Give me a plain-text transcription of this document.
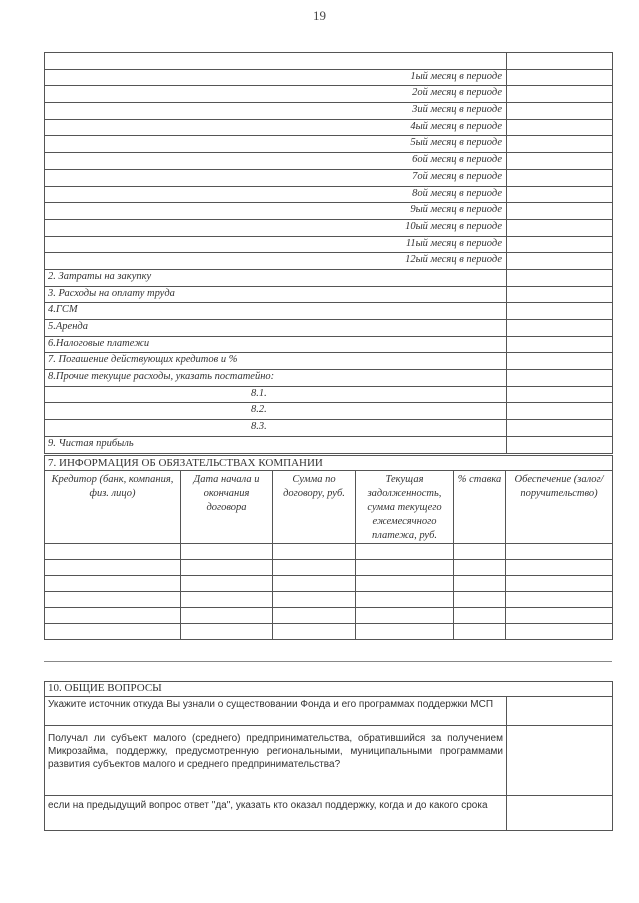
19

1ый месяц в периоде	
2ой месяц в периоде	
3ий месяц в периоде	
4ый месяц в периоде	
5ый месяц в периоде	
6ой месяц в периоде	
7ой месяц в периоде	
8ой месяц в периоде	
9ый месяц в периоде	
10ый месяц в периоде	
11ый месяц в периоде	
12ый месяц в периоде	
2. Затраты на закупку	
3. Расходы на оплату труда	
4.ГСМ	
5.Аренда	
6.Налоговые платежи	
7. Погашение действующих кредитов и %	
8.Прочие текущие расходы, указать постатейно:	
8.1.	
8.2.	
8.3.	
9. Чистая прибыль	
7. ИНФОРМАЦИЯ ОБ ОБЯЗАТЕЛЬСТВАХ КОМПАНИИ					
Кредитор (банк, компания, физ. лицо)	Дата начала и окончания договора	Сумма по договору, руб.	Текущая задолженность, сумма текущего ежемесячного платежа, руб.	% ставка	Обеспечение (залог/ поручительство)

10. ОБЩИЕ ВОПРОСЫ	
Укажите источник откуда Вы узнали о существовании Фонда и его программах поддержки МСП	
Получал ли субъект малого (среднего) предпринимательства, обратившийся за получением Микрозайма, поддержку, предусмотренную региональными, муниципальными программами развития субъектов малого и среднего предпринимательства?	
если на предыдущий вопрос ответ "да", указать кто оказал поддержку, когда и до какого срока	
